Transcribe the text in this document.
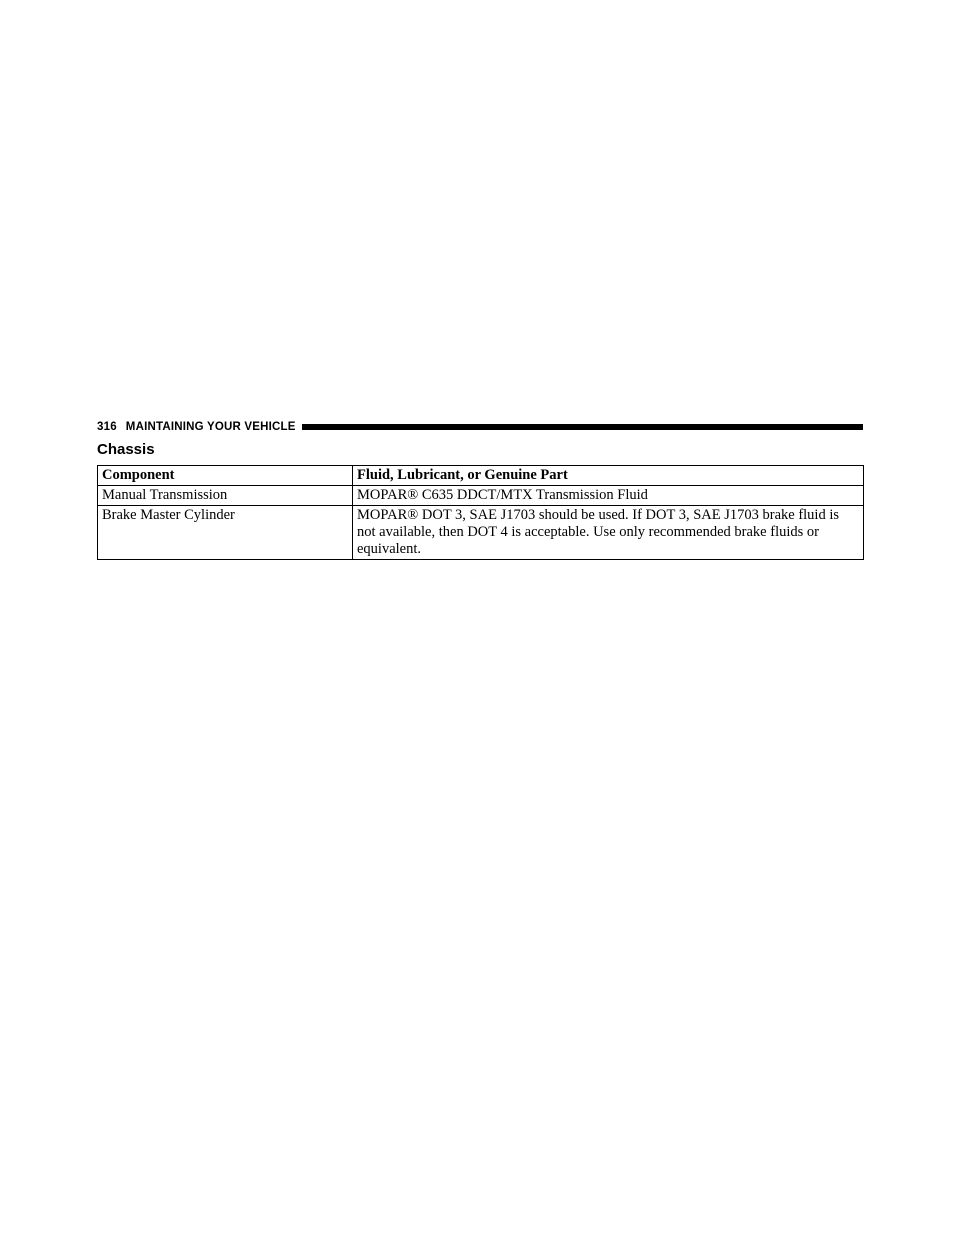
316 MAINTAINING YOUR VEHICLE
Chassis
Component	Fluid, Lubricant, or Genuine Part
Manual Transmission	MOPAR® C635 DDCT/MTX Transmission Fluid
Brake Master Cylinder	MOPAR® DOT 3, SAE J1703 should be used. If DOT 3, SAE J1703 brake fluid is not available, then DOT 4 is acceptable. Use only recommended brake fluids or equivalent.
